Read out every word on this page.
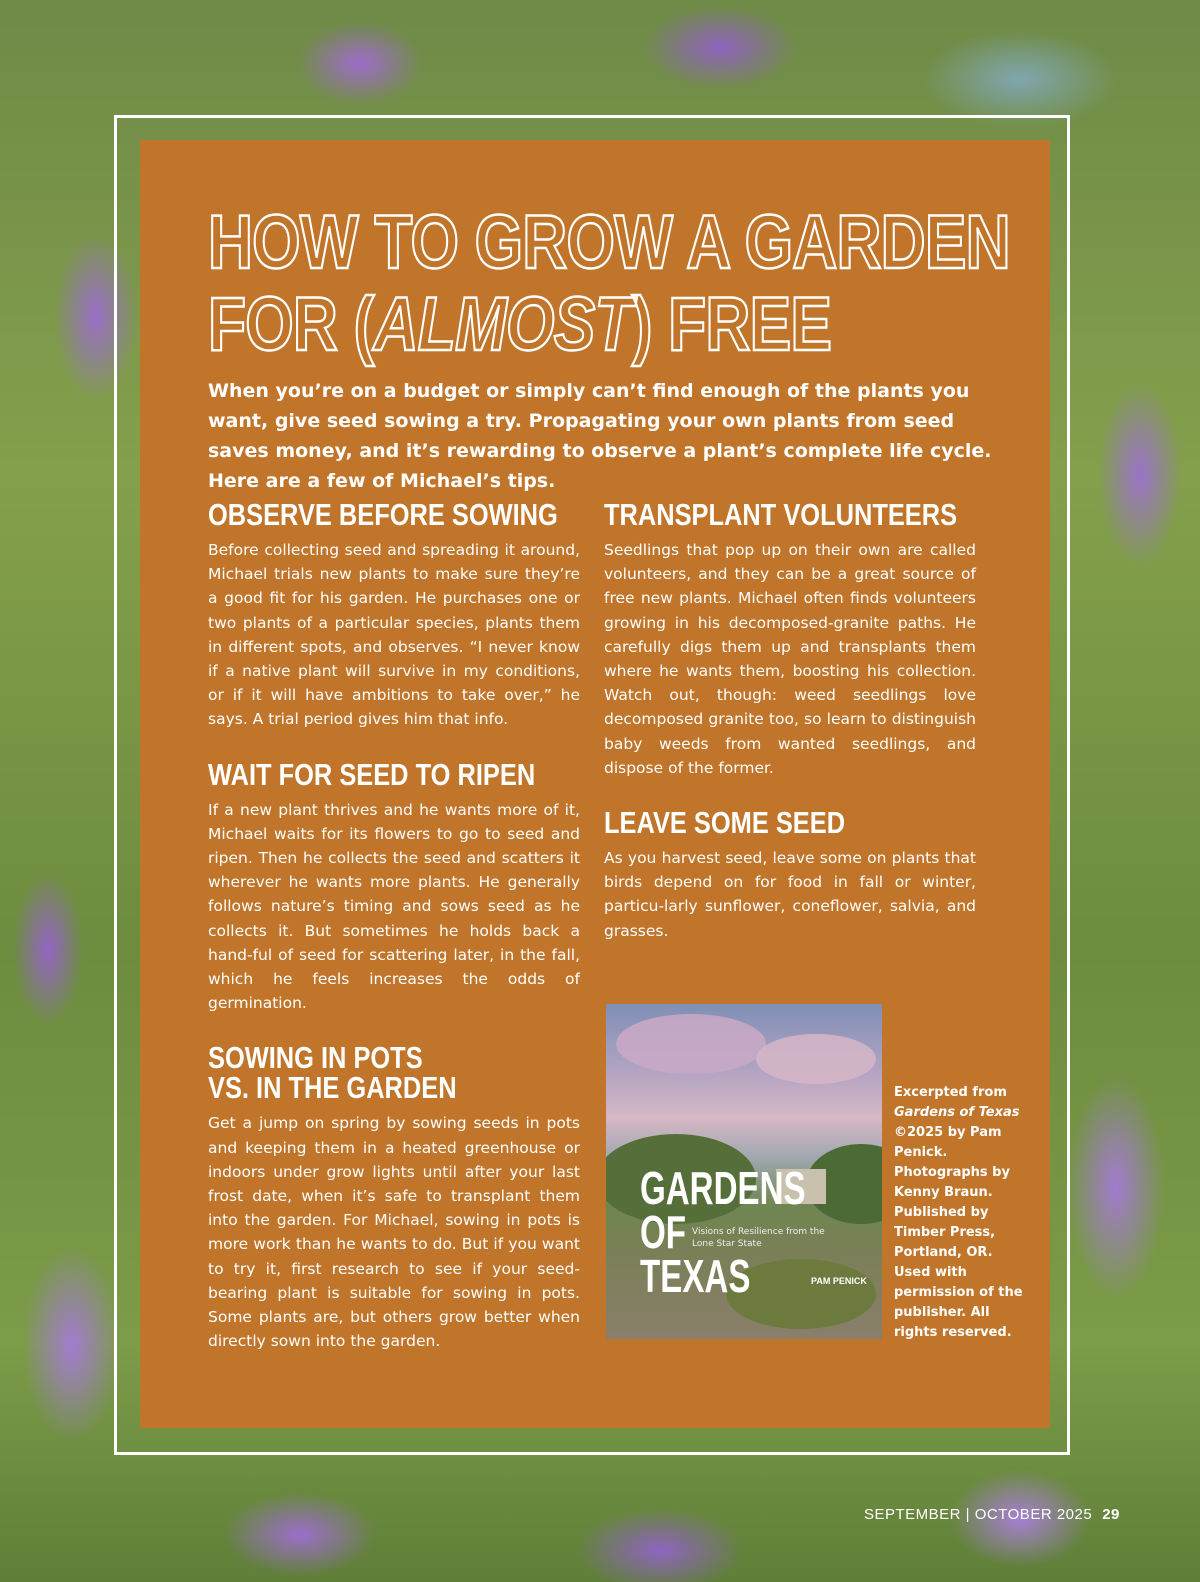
HOW TO GROW A GARDEN
FOR (ALMOST) FREE

When you’re on a budget or simply can’t find enough of the plants you want, give seed sowing a try. Propagating your own plants from seed saves money, and it’s rewarding to observe a plant’s complete life cycle. Here are a few of Michael’s tips.

OBSERVE BEFORE SOWING

Before collecting seed and spreading it around, Michael trials new plants to make sure they’re a good fit for his garden. He purchases one or two plants of a particular species, plants them in different spots, and observes. “I never know if a native plant will survive in my conditions, or if it will have ambitions to take over,” he says. A trial period gives him that info.

WAIT FOR SEED TO RIPEN

If a new plant thrives and he wants more of it, Michael waits for its flowers to go to seed and ripen. Then he collects the seed and scatters it wherever he wants more plants. He generally follows nature’s timing and sows seed as he collects it. But sometimes he holds back a hand-ful of seed for scattering later, in the fall, which he feels increases the odds of germination.

SOWING IN POTS
VS. IN THE GARDEN

Get a jump on spring by sowing seeds in pots and keeping them in a heated greenhouse or indoors under grow lights until after your last frost date, when it’s safe to transplant them into the garden. For Michael, sowing in pots is more work than he wants to do. But if you want to try it, first research to see if your seed-bearing plant is suitable for sowing in pots. Some plants are, but others grow better when directly sown into the garden.

TRANSPLANT VOLUNTEERS

Seedlings that pop up on their own are called volunteers, and they can be a great source of free new plants. Michael often finds volunteers growing in his decomposed-granite paths. He carefully digs them up and transplants them where he wants them, boosting his collection. Watch out, though: weed seedlings love decomposed granite too, so learn to distinguish baby weeds from wanted seedlings, and dispose of the former.

LEAVE SOME SEED

As you harvest seed, leave some on plants that birds depend on for food in fall or winter, particu-larly sunflower, coneflower, salvia, and grasses.

GARDENS
OF
TEXAS

Visions of Resilience from the Lone Star State

PAM PENICK

Excerpted from
Gardens of Texas
©2025 by Pam Penick. Photographs by Kenny Braun. Published by Timber Press, Portland, OR. Used with permission of the publisher. All rights reserved.

SEPTEMBER | OCTOBER 2025 29
